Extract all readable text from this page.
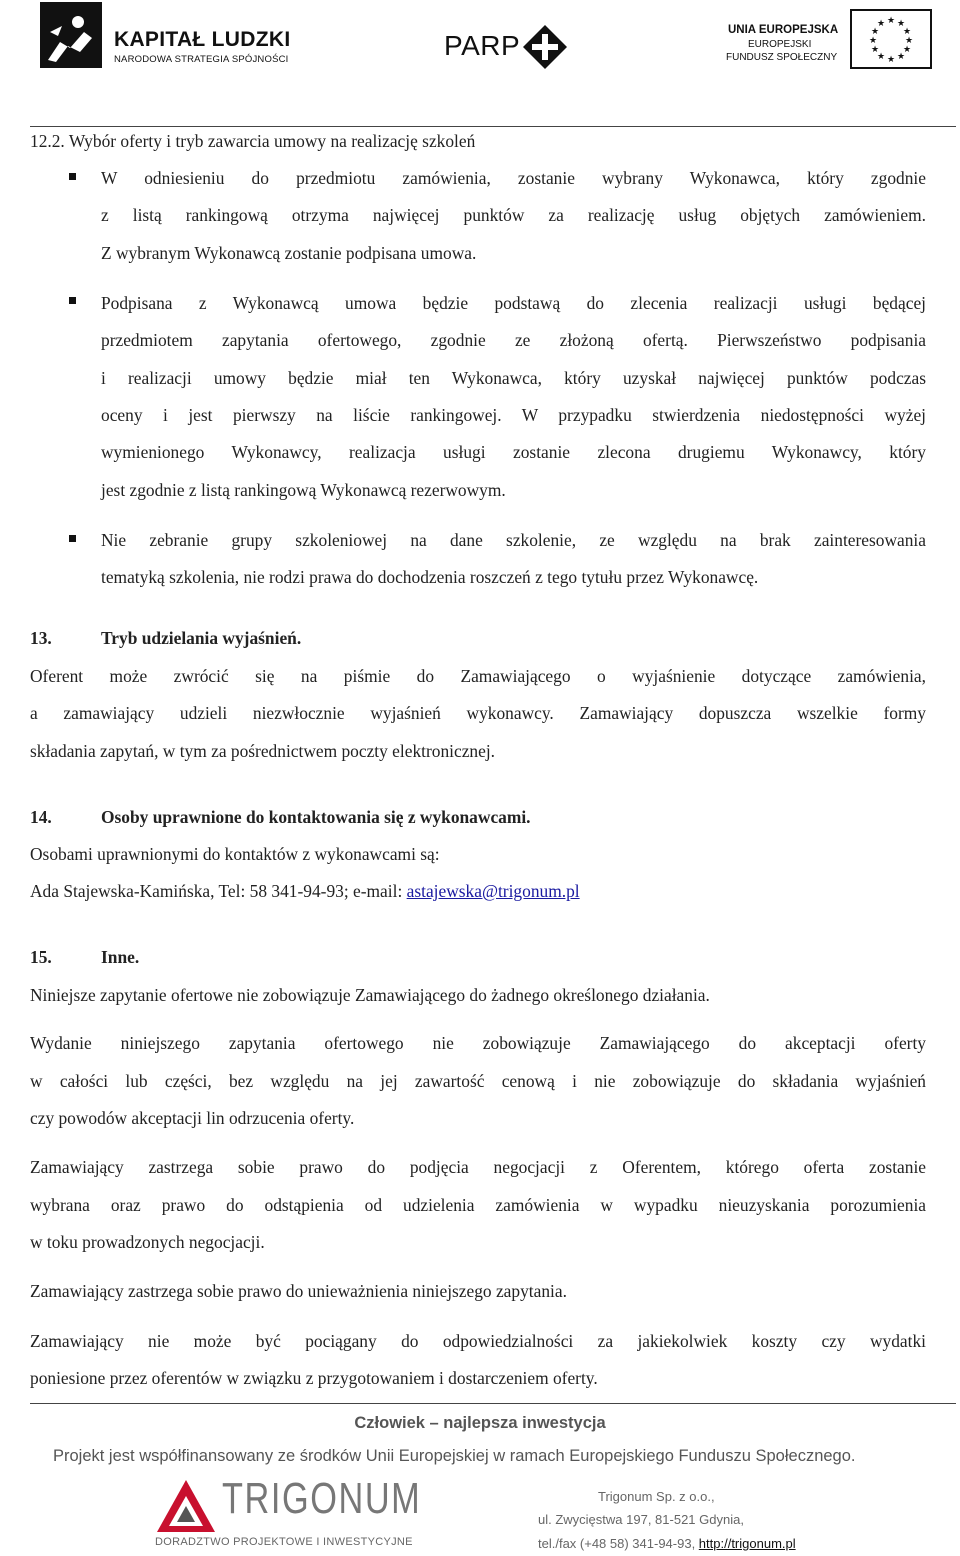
KAPITAŁ LUDZKI
NARODOWA STRATEGIA SPÓJNOŚCI	PARP	UNIA EUROPEJSKA
EUROPEJSKI
FUNDUSZ SPOŁECZNY
★ ★
★
★
★
★
★
★
★
★
★
★
12.2. Wybór oferty i tryb zawarcia umowy na realizację szkoleń
W odniesieniu do przedmiotu zamówienia, zostanie wybrany Wykonawca, który zgodnie
z listą rankingową otrzyma najwięcej punktów za realizację usług objętych zamówieniem.
Z wybranym Wykonawcą zostanie podpisana umowa.
Podpisana z Wykonawcą umowa będzie podstawą do zlecenia realizacji usługi będącej
przedmiotem zapytania ofertowego, zgodnie ze złożoną ofertą. Pierwszeństwo podpisania
i realizacji umowy będzie miał ten Wykonawca, który uzyskał najwięcej punktów podczas
oceny i jest pierwszy na liście rankingowej. W przypadku stwierdzenia niedostępności wyżej
wymienionego Wykonawcy, realizacja usługi zostanie zlecona drugiemu Wykonawcy, który
jest zgodnie z listą rankingową Wykonawcą rezerwowym.
Nie zebranie grupy szkoleniowej na dane szkolenie, ze względu na brak zainteresowania
tematyką szkolenia, nie rodzi prawa do dochodzenia roszczeń z tego tytułu przez Wykonawcę.
13.	Tryb udzielania wyjaśnień.
Oferent może zwrócić się na piśmie do Zamawiającego o wyjaśnienie dotyczące zamówienia,
a zamawiający udzieli niezwłocznie wyjaśnień wykonawcy. Zamawiający dopuszcza wszelkie formy
składania zapytań, w tym za pośrednictwem poczty elektronicznej.
14.	Osoby uprawnione do kontaktowania się z wykonawcami.
Osobami uprawnionymi do kontaktów z wykonawcami są:
Ada Stajewska-Kamińska, Tel: 58 341-94-93; e-mail: astajewska@trigonum.pl
15.	Inne.
Niniejsze zapytanie ofertowe nie zobowiązuje Zamawiającego do żadnego określonego działania.
Wydanie niniejszego zapytania ofertowego nie zobowiązuje Zamawiającego do akceptacji oferty
w całości lub części, bez względu na jej zawartość cenową i nie zobowiązuje do składania wyjaśnień
czy powodów akceptacji lin odrzucenia oferty.
Zamawiający zastrzega sobie prawo do podjęcia negocjacji z Oferentem, którego oferta zostanie
wybrana oraz prawo do odstąpienia od udzielenia zamówienia w wypadku nieuzyskania porozumienia
w toku prowadzonych negocjacji.
Zamawiający zastrzega sobie prawo do unieważnienia niniejszego zapytania.
Zamawiający nie może być pociągany do odpowiedzialności za jakiekolwiek koszty czy wydatki
poniesione przez oferentów w związku z przygotowaniem i dostarczeniem oferty.
Człowiek – najlepsza inwestycja
Projekt jest współfinansowany ze środków Unii Europejskiej w ramach Europejskiego Funduszu Społecznego.
TRIGONUM
DORADZTWO PROJEKTOWE I INWESTYCYJNE
Trigonum Sp. z o.o.,
ul. Zwycięstwa 197, 81-521 Gdynia,
tel./fax (+48 58) 341-94-93, http://trigonum.pl
